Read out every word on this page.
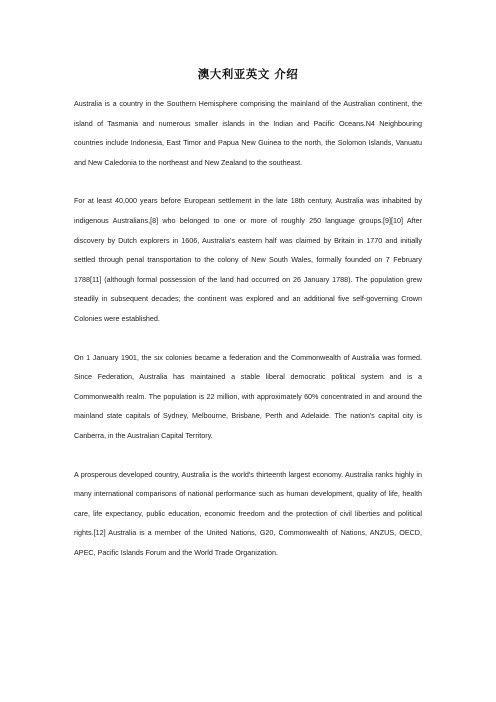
澳大利亚英文 介绍

Australia is a country in the Southern Hemisphere comprising the mainland of the Australian continent, the island of Tasmania and numerous smaller islands in the Indian and Pacific Oceans.N4 Neighbouring countries include Indonesia, East Timor and Papua New Guinea to the north, the Solomon Islands, Vanuatu and New Caledonia to the northeast and New Zealand to the southeast.

For at least 40,000 years before European settlement in the late 18th century, Australia was inhabited by indigenous Australians,[8] who belonged to one or more of roughly 250 language groups.[9][10] After discovery by Dutch explorers in 1606, Australia's eastern half was claimed by Britain in 1770 and initially settled through penal transportation to the colony of New South Wales, formally founded on 7 February 1788[11] (although formal possession of the land had occurred on 26 January 1788). The population grew steadily in subsequent decades; the continent was explored and an additional five self-governing Crown Colonies were established.

On 1 January 1901, the six colonies became a federation and the Commonwealth of Australia was formed. Since Federation, Australia has maintained a stable liberal democratic political system and is a Commonwealth realm. The population is 22 million, with approximately 60% concentrated in and around the mainland state capitals of Sydney, Melbourne, Brisbane, Perth and Adelaide. The nation's capital city is Canberra, in the Australian Capital Territory.

A prosperous developed country, Australia is the world's thirteenth largest economy. Australia ranks highly in many international comparisons of national performance such as human development, quality of life, health care, life expectancy, public education, economic freedom and the protection of civil liberties and political rights.[12] Australia is a member of the United Nations, G20, Commonwealth of Nations, ANZUS, OECD, APEC, Pacific Islands Forum and the World Trade Organization.
